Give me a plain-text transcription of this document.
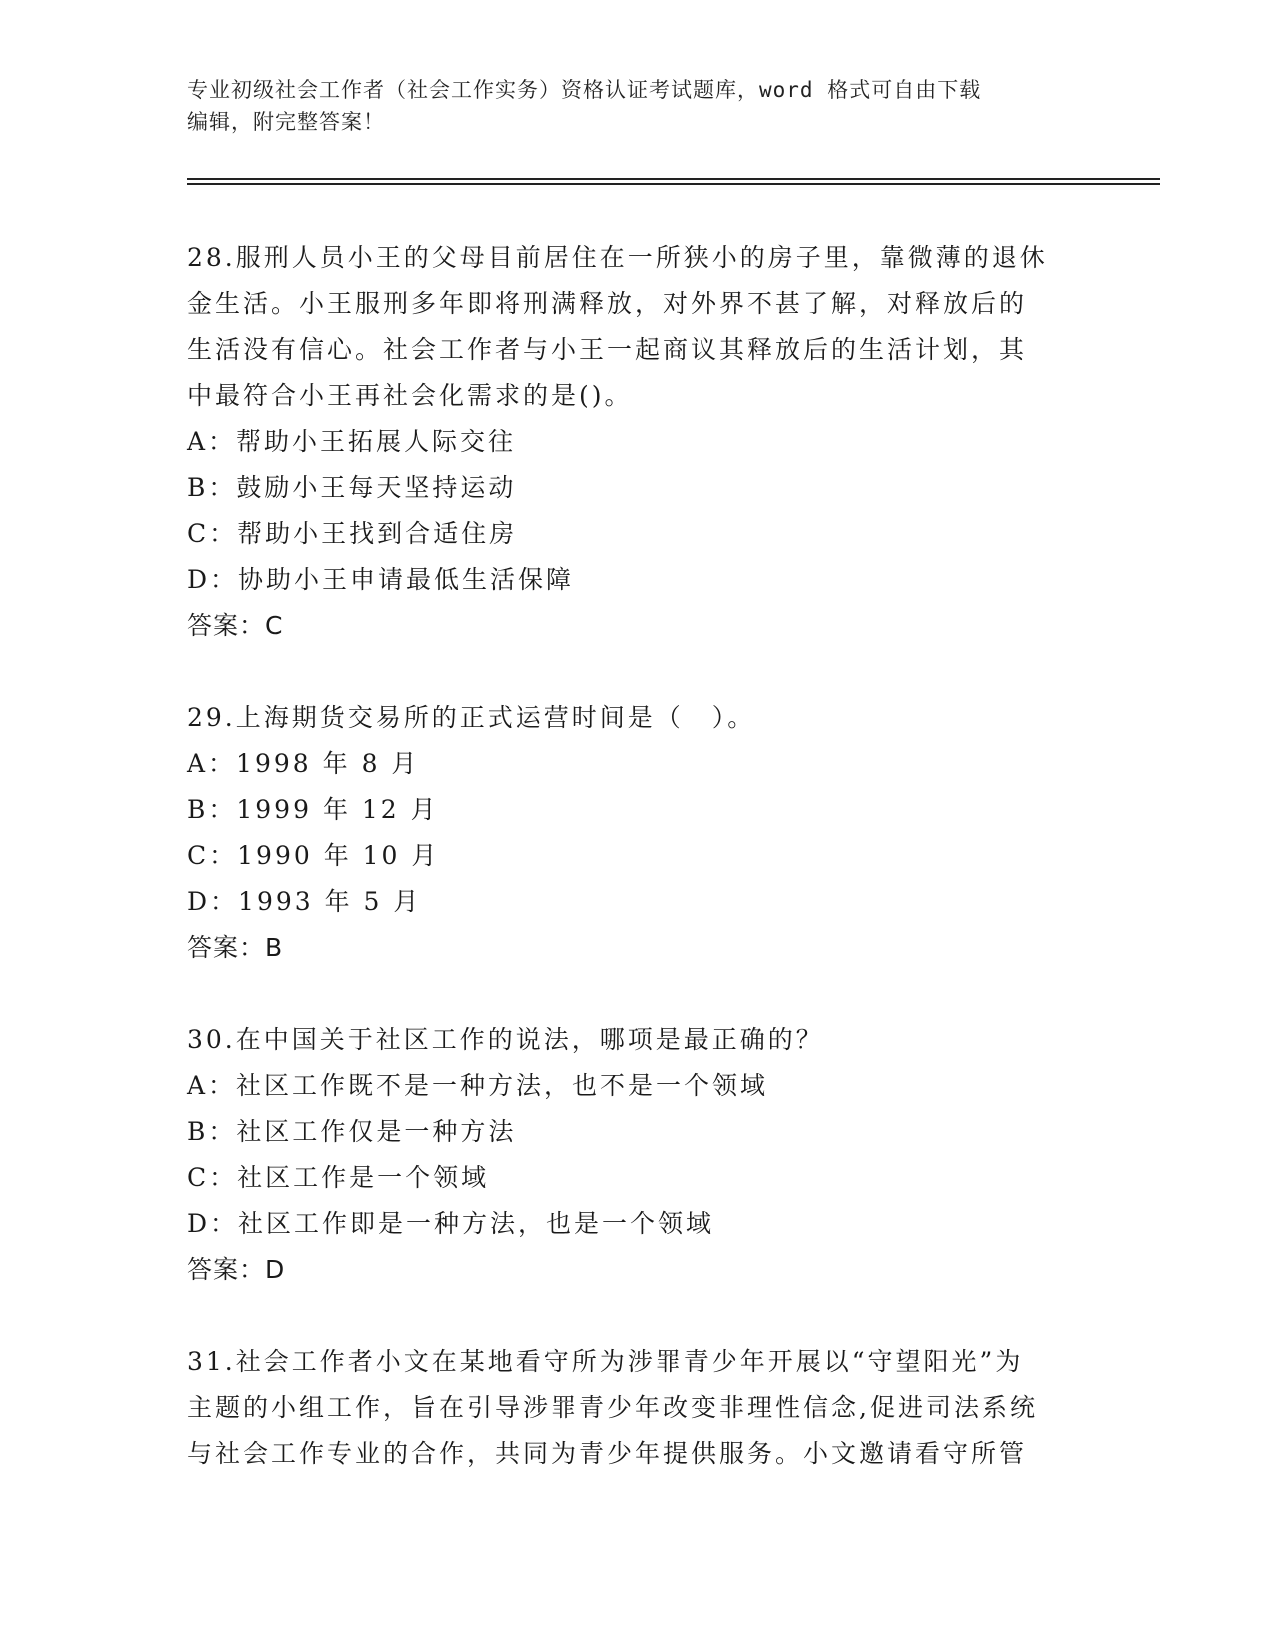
专业初级社会工作者（社会工作实务）资格认证考试题库，word 格式可自由下载
编辑，附完整答案！
28.服刑人员小王的父母目前居住在一所狭小的房子里，靠微薄的退休
金生活。小王服刑多年即将刑满释放，对外界不甚了解，对释放后的
生活没有信心。社会工作者与小王一起商议其释放后的生活计划，其
中最符合小王再社会化需求的是()。
A：帮助小王拓展人际交往
B：鼓励小王每天坚持运动
C：帮助小王找到合适住房
D：协助小王申请最低生活保障
答案：C
29.上海期货交易所的正式运营时间是（　）。
A：1998 年 8 月
B：1999 年 12 月
C：1990 年 10 月
D：1993 年 5 月
答案：B
30.在中国关于社区工作的说法，哪项是最正确的？
A：社区工作既不是一种方法，也不是一个领域
B：社区工作仅是一种方法
C：社区工作是一个领域
D：社区工作即是一种方法，也是一个领域
答案：D
31.社会工作者小文在某地看守所为涉罪青少年开展以“守望阳光”为
主题的小组工作，旨在引导涉罪青少年改变非理性信念,促进司法系统
与社会工作专业的合作，共同为青少年提供服务。小文邀请看守所管
